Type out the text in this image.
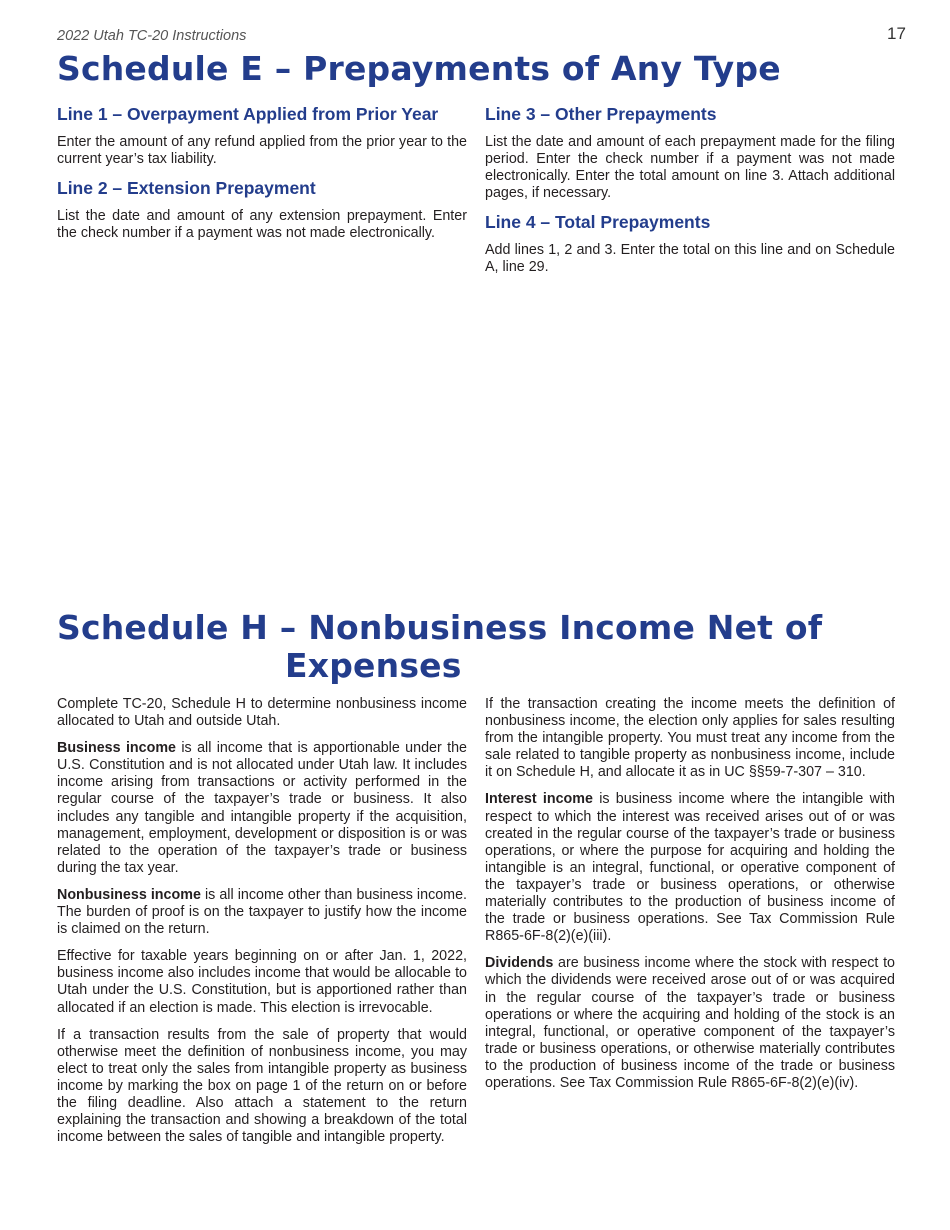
2022 Utah TC-20 Instructions	17
Schedule E – Prepayments of Any Type
Line 1 – Overpayment Applied from Prior Year
Enter the amount of any refund applied from the prior year to the current year’s tax liability.
Line 2 – Extension Prepayment
List the date and amount of any extension prepayment. Enter the check number if a payment was not made electronically.
Line 3 – Other Prepayments
List the date and amount of each prepayment made for the filing period. Enter the check number if a payment was not made electronically. Enter the total amount on line 3. Attach additional pages, if necessary.
Line 4 – Total Prepayments
Add lines 1, 2 and 3. Enter the total on this line and on Schedule A, line 29.
Schedule H – Nonbusiness Income Net of
Expenses
Complete TC-20, Schedule H to determine nonbusiness income allocated to Utah and outside Utah.
Business income is all income that is apportionable under the U.S. Constitution and is not allocated under Utah law. It includes income arising from transactions or activity performed in the regular course of the taxpayer’s trade or business. It also includes any tangible and intangible property if the acquisition, management, employment, development or disposition is or was related to the operation of the taxpayer’s trade or business during the tax year.
Nonbusiness income is all income other than business income. The burden of proof is on the taxpayer to justify how the income is claimed on the return.
Effective for taxable years beginning on or after Jan. 1, 2022, business income also includes income that would be allocable to Utah under the U.S. Constitution, but is apportioned rather than allocated if an election is made. This election is irrevocable.
If a transaction results from the sale of property that would otherwise meet the definition of nonbusiness income, you may elect to treat only the sales from intangible property as business income by marking the box on page 1 of the return on or before the filing deadline. Also attach a statement to the return explaining the transaction and showing a breakdown of the total income between the sales of tangible and intangible property.
If the transaction creating the income meets the definition of nonbusiness income, the election only applies for sales resulting from the intangible property. You must treat any income from the sale related to tangible property as nonbusiness income, include it on Schedule H, and allocate it as in UC §§59-7-307 – 310.
Interest income is business income where the intangible with respect to which the interest was received arises out of or was created in the regular course of the taxpayer’s trade or business operations, or where the purpose for acquiring and holding the intangible is an integral, functional, or operative component of the taxpayer’s trade or business operations, or otherwise materially contributes to the production of business income of the trade or business operations. See Tax Commission Rule R865-6F-8(2)(e)(iii).
Dividends are business income where the stock with respect to which the dividends were received arose out of or was acquired in the regular course of the taxpayer’s trade or business operations or where the acquiring and holding of the stock is an integral, functional, or operative component of the taxpayer’s trade or business operations, or otherwise materially contributes to the production of business income of the trade or business operations. See Tax Commission Rule R865-6F-8(2)(e)(iv).
